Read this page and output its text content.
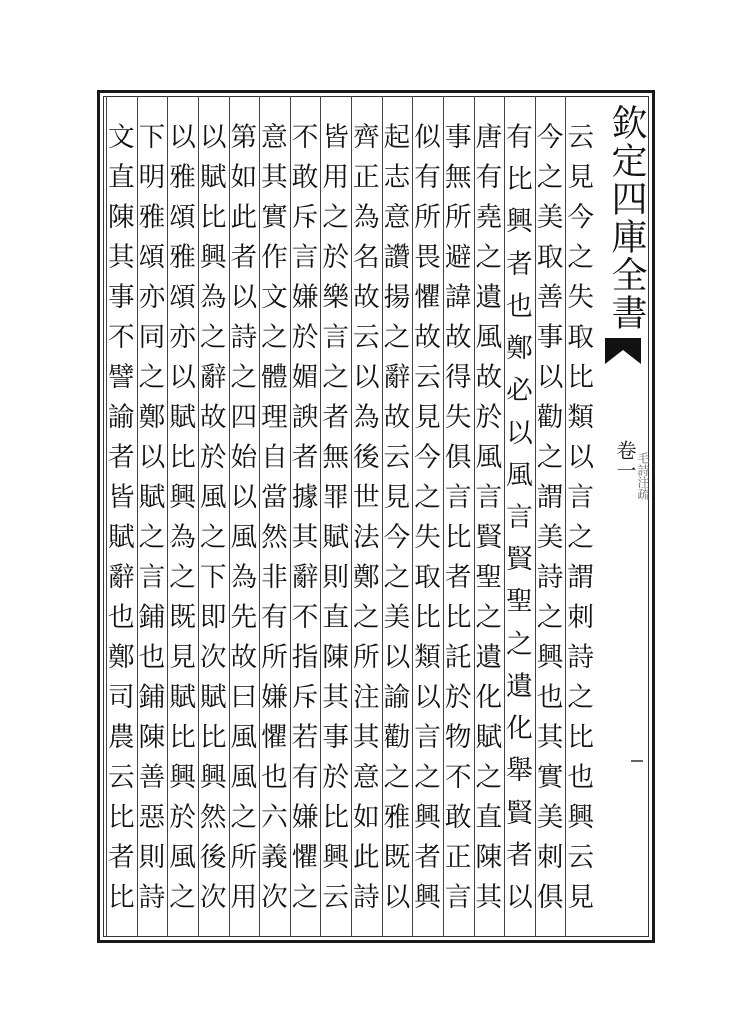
欽定四庫全書
卷一 毛詩注疏
云
見
今
之
失
取
比
類
以
言
之
謂
刺
詩
之
比
也
興
云
見
今
之
美
取
善
事
以
勸
之
謂
美
詩
之
興
也
其
實
美
刺
俱
有
比
興
者
也
鄭
必
以
風
言
賢
聖
之
遺
化
舉
賢
者
以
唐
有
堯
之
遺
風
故
於
風
言
賢
聖
之
遺
化
賦
之
直
陳
其
事
無
所
避
諱
故
得
失
俱
言
比
者
比
託
於
物
不
敢
正
言
似
有
所
畏
懼
故
云
見
今
之
失
取
比
類
以
言
之
興
者
興
起
志
意
讚
揚
之
辭
故
云
見
今
之
美
以
諭
勸
之
雅
既
以
齊
正
為
名
故
云
以
為
後
世
法
鄭
之
所
注
其
意
如
此
詩
皆
用
之
於
樂
言
之
者
無
罪
賦
則
直
陳
其
事
於
比
興
云
不
敢
斥
言
嫌
於
媚
諛
者
據
其
辭
不
指
斥
若
有
嫌
懼
之
意
其
實
作
文
之
體
理
自
當
然
非
有
所
嫌
懼
也
六
義
次
第
如
此
者
以
詩
之
四
始
以
風
為
先
故
曰
風
風
之
所
用
以
賦
比
興
為
之
辭
故
於
風
之
下
即
次
賦
比
興
然
後
次
以
雅
頌
雅
頌
亦
以
賦
比
興
為
之
既
見
賦
比
興
於
風
之
下
明
雅
頌
亦
同
之
鄭
以
賦
之
言
鋪
也
鋪
陳
善
惡
則
詩
文
直
陳
其
事
不
譬
諭
者
皆
賦
辭
也
鄭
司
農
云
比
者
比
